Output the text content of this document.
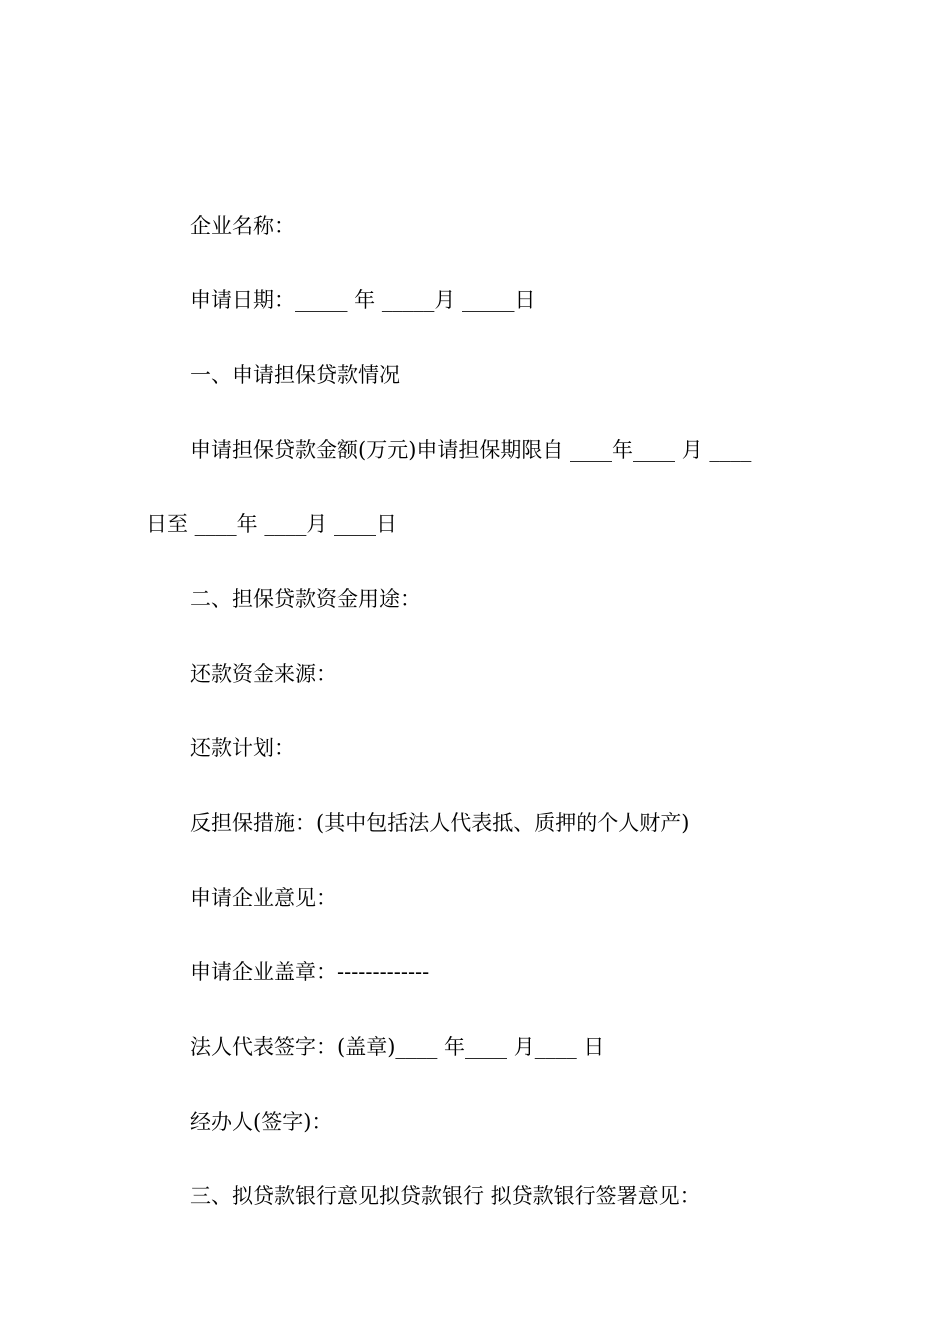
企业名称：

申请日期：_____ 年 _____月 _____日

一、申请担保贷款情况

申请担保贷款金额(万元)申请担保期限自 ____年____ 月 ____

日至 ____年 ____月 ____日

二、担保贷款资金用途：

还款资金来源：

还款计划：

反担保措施：(其中包括法人代表抵、质押的个人财产)

申请企业意见：

申请企业盖章：-------------

法人代表签字：(盖章)____ 年____ 月____ 日

经办人(签字)：

三、拟贷款银行意见拟贷款银行 拟贷款银行签署意见：
